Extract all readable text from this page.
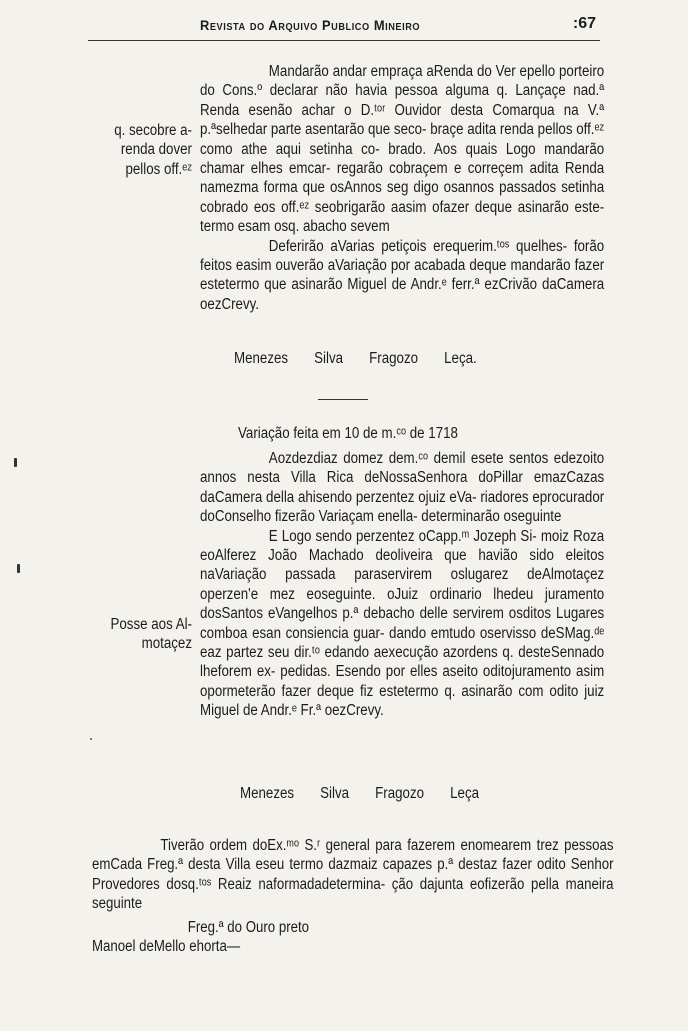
Revista do Arquivo Publico Mineiro	:67

Mandarão andar empraça aRenda do Ver epello porteiro do Cons.º declarar não havia pessoa alguma q. Lançaçe nad.ª Renda esenão achar o D.ᵗᵒʳ Ouvidor desta Comarqua na V.ª p.ªselhedar parte asentarão que seco- braçe adita renda pellos off.ᵉᶻ como athe aqui setinha co- brado. Aos quais Logo mandarão chamar elhes emcar- regarão cobraçem e correçem adita Renda namezma forma que osAnnos seg digo osannos passados setinha cobrado eos off.ᵉᶻ seobrigarão aasim ofazer deque asinarão este- termo esam osq. abacho sevem

Deferirão aVarias petiçois erequerim.ᵗᵒˢ quelhes- forão feitos easim ouverão aVariação por acabada deque mandarão fazer estetermo que asinarão Miguel de Andr.ᵉ ferr.ª ezCrivão daCamera oezCrevy.

q. secobre a- renda dover pellos off.ᵉᶻ
Menezes Silva Fragozo Leça.
Variação feita em 10 de m.ᶜᵒ de 1718

Aozdezdiaz domez dem.ᶜᵒ demil esete sentos edezoito annos nesta Villa Rica deNossaSenhora doPillar emazCazas daCamera della ahisendo perzentez ojuiz eVa- riadores eprocurador doConselho fizerão Variaçam enella- determinarão oseguinte

E Logo sendo perzentez oCapp.ᵐ Jozeph Si- moiz Roza eoAlferez João Machado deoliveira que havião sido eleitos naVariação passada paraservirem oslugarez deAlmotaçez operzen'e mez eoseguinte. oJuiz ordinario lhedeu juramento dosSantos eVangelhos p.ª debacho delle servirem osditos Lugares comboa esan consiencia guar- dando emtudo oservisso deSMag.ᵈᵉ eaz partez seu dir.ᵗᵒ edando aexecução azordens q. desteSennado lheforem ex- pedidas. Esendo por elles aseito oditojuramento asim opormeterão fazer deque fiz estetermo q. asinarão com odito juiz Miguel de Andr.ᵉ Fr.ª oezCrevy.

Posse aos Al- motaçez
Menezes Silva Fragozo Leça

Tiverão ordem doEx.ᵐᵒ S.ʳ general para fazerem enomearem trez pessoas emCada Freg.ª desta Villa eseu termo dazmaiz capazes p.ª destaz fazer odito Senhor Provedores dosq.ᵗᵒˢ Reaiz naformadadetermina- ção dajunta eofizerão pella maneira seguinte

Freg.ª do Ouro preto

Manoel deMello ehorta—
